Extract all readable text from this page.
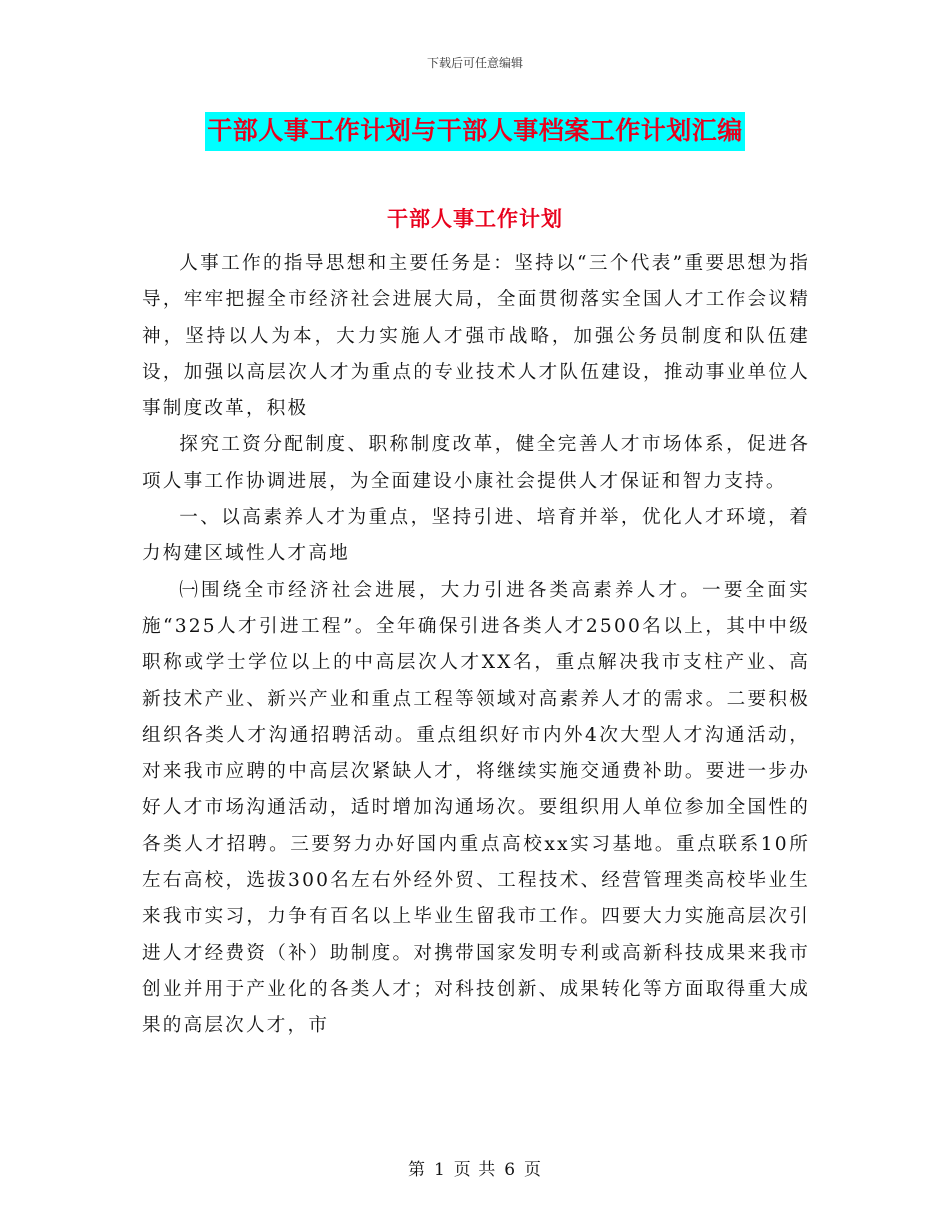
下载后可任意编辑
干部人事工作计划与干部人事档案工作计划汇编
干部人事工作计划

人事工作的指导思想和主要任务是：坚持以“三个代表”重要思想为指导，牢牢把握全市经济社会进展大局，全面贯彻落实全国人才工作会议精神，坚持以人为本，大力实施人才强市战略，加强公务员制度和队伍建设，加强以高层次人才为重点的专业技术人才队伍建设，推动事业单位人事制度改革，积极

探究工资分配制度、职称制度改革，健全完善人才市场体系，促进各项人事工作协调进展，为全面建设小康社会提供人才保证和智力支持。

一、以高素养人才为重点，坚持引进、培育并举，优化人才环境，着力构建区域性人才高地

㈠围绕全市经济社会进展，大力引进各类高素养人才。一要全面实施“325人才引进工程”。全年确保引进各类人才2500名以上，其中中级职称或学士学位以上的中高层次人才XX名，重点解决我市支柱产业、高新技术产业、新兴产业和重点工程等领域对高素养人才的需求。二要积极组织各类人才沟通招聘活动。重点组织好市内外4次大型人才沟通活动，对来我市应聘的中高层次紧缺人才，将继续实施交通费补助。要进一步办好人才市场沟通活动，适时增加沟通场次。要组织用人单位参加全国性的各类人才招聘。三要努力办好国内重点高校xx实习基地。重点联系10所左右高校，选拔300名左右外经外贸、工程技术、经营管理类高校毕业生来我市实习，力争有百名以上毕业生留我市工作。四要大力实施高层次引进人才经费资（补）助制度。对携带国家发明专利或高新科技成果来我市创业并用于产业化的各类人才；对科技创新、成果转化等方面取得重大成果的高层次人才，市

第 1 页 共 6 页
